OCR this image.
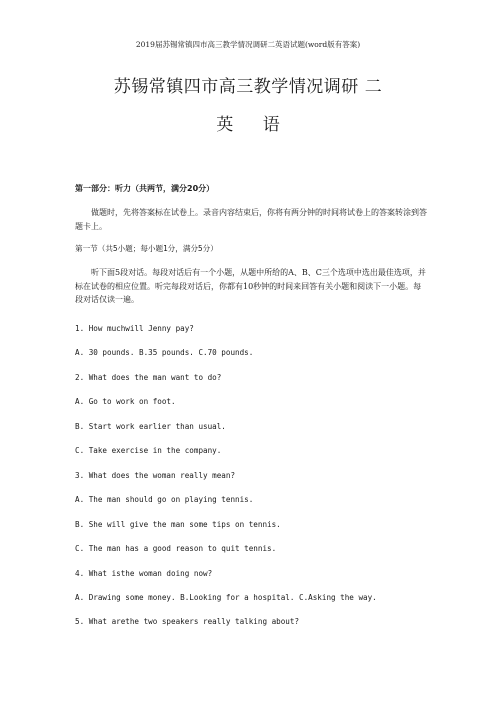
2019届苏锡常镇四市高三教学情况调研二英语试题(word版有答案)
苏锡常镇四市高三教学情况调研 二
英 语
第一部分：听力（共两节，满分20分）
做题时，先将答案标在试卷上。录音内容结束后，你将有两分钟的时间将试卷上的答案转涂到答题卡上。
第一节（共5小题；每小题1分，满分5分）
听下面5段对话。每段对话后有一个小题，从题中所给的A、B、C三个选项中选出最佳选项，并标在试卷的相应位置。听完每段对话后，你都有10秒钟的时间来回答有关小题和阅读下一小题。每段对话仅读一遍。
1. How muchwill Jenny pay?
A. 30 pounds. B.35 pounds. C.70 pounds.
2. What does the man want to do?
A. Go to work on foot.
B. Start work earlier than usual.
C. Take exercise in the company.
3. What does the woman really mean?
A. The man should go on playing tennis.
B. She will give the man some tips on tennis.
C. The man has a good reason to quit tennis.
4. What isthe woman doing now?
A. Drawing some money. B.Looking for a hospital. C.Asking the way.
5. What arethe two speakers really talking about?
